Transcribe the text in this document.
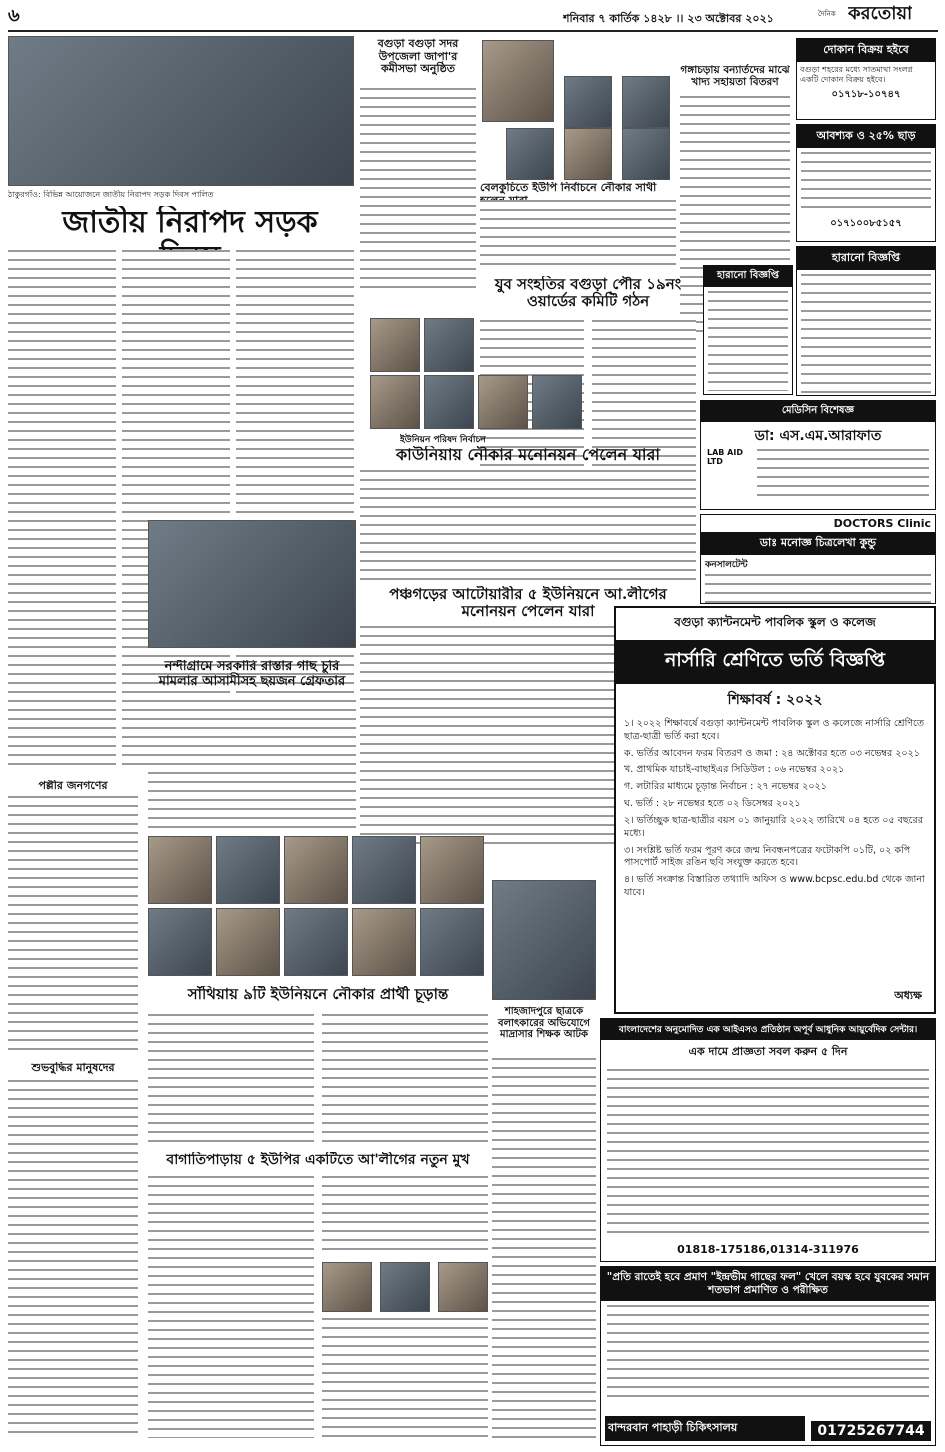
৬	শনিবার ৭ কার্তিক ১৪২৮ ।। ২৩ অক্টোবর ২০২১	দৈনিক করতোয়া
ঠাকুরগাঁও: বিভিন্ন আয়োজনে জাতীয় নিরাপদ সড়ক দিবস পালিত
জাতীয় নিরাপদ সড়ক
বগুড়া বগুড়া সদর উপজেলা জাপা'র কমীসভা অনুষ্ঠিত
বেলকুচিতে ইউপি নির্বাচনে নৌকার সাথী
গঙ্গাচড়ায় বন্যার্তদের মাঝে খাদ্য সহায়তা বিতরণ
দোকান বিক্রয় হইবে
বগুড়া শহরের মধ্যে সাতমাথা সংলগ্ন একটি দোকান বিক্রয় হইবে।
০১৭১৮-১০৭৪৭
আবশ্যক ও ২৫% ছাড়
০১৭১০০৮৫১৫৭
হারানো বিজ্ঞপ্তি
হারানো বিজ্ঞপ্তি
যুব সংহতির বগুড়া পৌর ১৯নং ওয়ার্ডের কমিটি গঠন
ইউনিয়ন পরিষদ নির্বাচন
মেডিসিন বিশেষজ্ঞ
ডা: এস.এম.আরাফাত
LAB AID LTD
DOCTORS Clinic
ডাঃ মনোজ্ঞ চিত্রলেখা কুন্ডু
কনসালটেন্ট
কাউনিয়ায় নৌকার মনোনয়ন পেলেন যারা
নন্দীগ্রামে সরকারি রাস্তার গাছ চুরি মামলার আসামীসহ ছয়জন গ্রেফতার
পল্লীর জনগণের
পঞ্চগড়ের আটোয়ারীর ৫ ইউনিয়নে আ.লীগের মনোনয়ন পেলেন যারা
বগুড়া ক্যান্টনমেন্ট পাবলিক স্কুল ও কলেজ
নার্সারি শ্রেণিতে ভর্তি বিজ্ঞপ্তি
শিক্ষাবর্ষ : ২০২২
১। ২০২২ শিক্ষাবর্ষে বগুড়া ক্যান্টনমেন্ট পাবলিক স্কুল ও কলেজে নার্সারি শ্রেণিতে ছাত্র-ছাত্রী ভর্তি করা হবে।
ক. ভর্তির আবেদন ফরম বিতরণ ও জমা : ২৪ অক্টোবর হতে ০৩ নভেম্বর ২০২১
খ. প্রাথমিক যাচাই-বাছাইএর সিডিউল : ০৬ নভেম্বর ২০২১
গ. লটারির মাধ্যমে চূড়ান্ত নির্বাচন : ২৭ নভেম্বর ২০২১
ঘ. ভর্তি : ২৮ নভেম্বর হতে ০২ ডিসেম্বর ২০২১
২। ভর্তিচ্ছুক ছাত্র-ছাত্রীর বয়স ০১ জানুয়ারি ২০২২ তারিখে ০৪ হতে ০৫ বছরের মধ্যে।
৩। সংশ্লিষ্ট ভর্তি ফরম পূরণ করে জন্ম নিবন্ধনপত্রের ফটোকপি ০১টি, ০২ কপি পাসপোর্ট সাইজ রঙিন ছবি সংযুক্ত করতে হবে।
৪। ভর্তি সংক্রান্ত বিস্তারিত তথ্যাদি অফিস ও www.bcpsc.edu.bd থেকে জানা যাবে।
অধ্যক্ষ
সাঁথিয়ায় ৯টি ইউনিয়নে নৌকার প্রার্থী চূড়ান্ত
শুভবুদ্ধির মানুষদের
শাহজাদপুরে ছাত্রকে বলাৎকারের অভিযোগে মাদ্রাসার শিক্ষক আটক
বাগাতিপাড়ায় ৫ ইউপির একটিতে আ'লীগের নতুন মুখ
বাংলাদেশের অনুমোদিত এক আইএসও প্রতিষ্ঠান অপূর্ব আধুনিক আয়ুর্বেদিক সেন্টার।
এক দামে প্রাজ্ঞতা সবল করুন ৫ দিন
01818-175186,01314-311976
"প্রতি রাতেই হবে প্রমাণ "ইন্দ্রভীম গাছের ফল" খেলে বয়স্ক হবে যুবকের সমান শতভাগ প্রমাণিত ও পরীক্ষিত
বান্দরবান পাহাড়ী চিকিৎসালয়	01725267744
